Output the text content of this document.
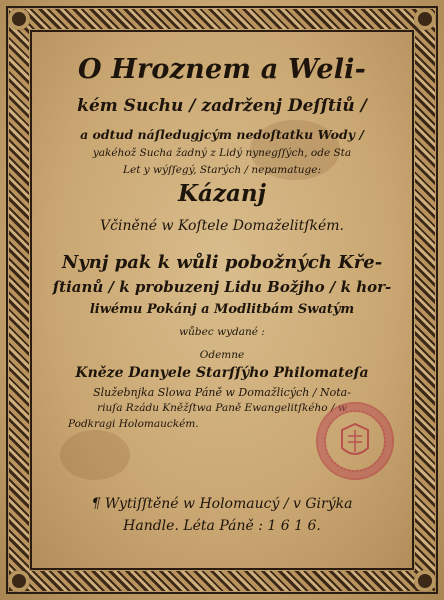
O Hroznem a Weli-
kém Suchu / zadrženj Deſſtiů /
a odtud náſledugjcým nedoſtatku Wody /
yakéhož Sucha žadný z Lidý nynegſſých, ode Sta
Let y wýſſegý, Starých / nepamatuge:
Kázanj
Včiněné w Koſtele Domaželitſkém.
Nynj pak k wůli pobožných Kře-
ſtianů / k probuzenj Lidu Božjho / k hor-
liwému Pokánj a Modlitbám Swatým
wůbec wydané :
Odemne
Kněze Danyele Starſſýho Philomateſa
Služebnjka Slowa Páně w Domažlicých / Nota-
riuſa Rzádu Kněžſtwa Paně Ewangelitſkého / w
Podkragi Holomauckém.
¶ Wytiſſtěné w Holomaucý / v Girýka
Handle. Léta Páně : 1 6 1 6.
